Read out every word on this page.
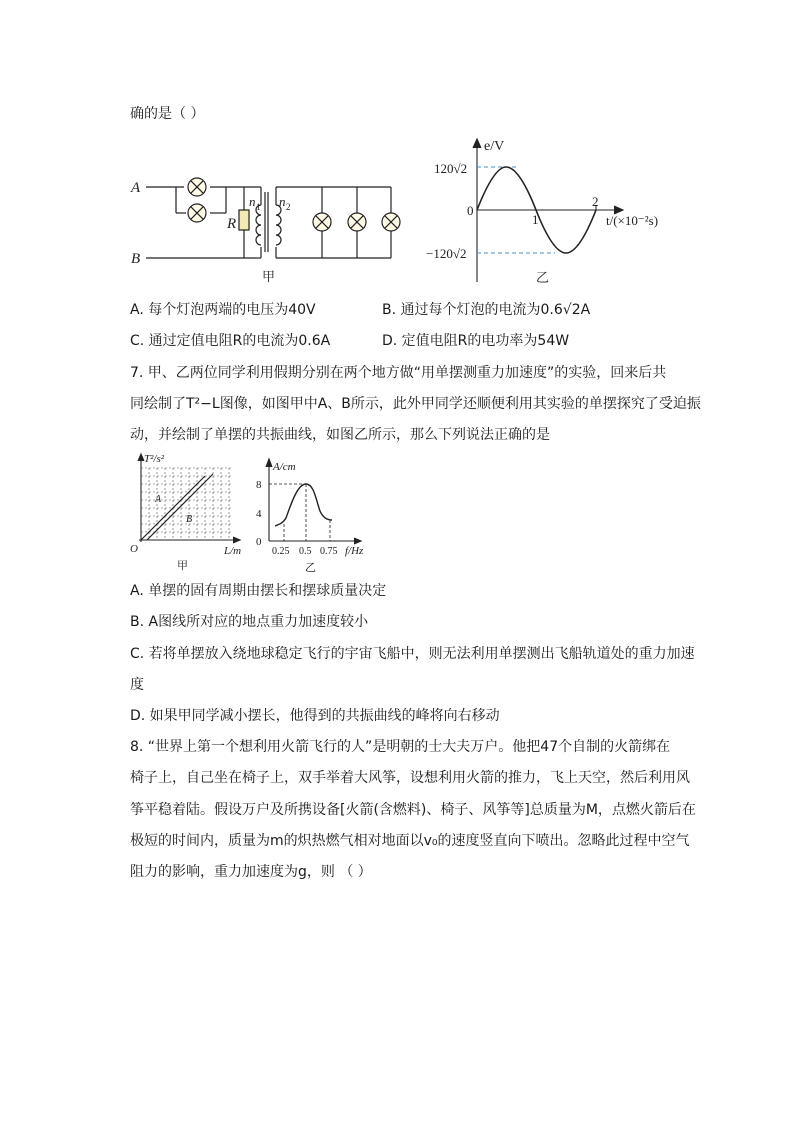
确的是（ ）
A
B
R
n 1 n 2
甲
e/V
120√2
0
1
2
t/(×10⁻²s)
−120√2
乙
A. 每个灯泡两端的电压为40V	B. 通过每个灯泡的电流为0.6√2A
C. 通过定值电阻R的电流为0.6A	D. 定值电阻R的电功率为54W
7. 甲、乙两位同学利用假期分别在两个地方做“用单摆测重力加速度”的实验，回来后共
同绘制了T²−L图像，如图甲中A、B所示，此外甲同学还顺便利用其实验的单摆探究了受迫振
动，并绘制了单摆的共振曲线，如图乙所示，那么下列说法正确的是
T²/s²
A
B
O	L/m
甲
A/cm
8
4
0
0.25 0.5 0.75 f/Hz
乙
A. 单摆的固有周期由摆长和摆球质量决定
B. A图线所对应的地点重力加速度较小
C. 若将单摆放入绕地球稳定飞行的宇宙飞船中，则无法利用单摆测出飞船轨道处的重力加速
度
D. 如果甲同学减小摆长，他得到的共振曲线的峰将向右移动
8. “世界上第一个想利用火箭飞行的人”是明朝的士大夫万户。他把47个自制的火箭绑在
椅子上，自己坐在椅子上，双手举着大风筝，设想利用火箭的推力，飞上天空，然后利用风
筝平稳着陆。假设万户及所携设备[火箭(含燃料)、椅子、风筝等]总质量为M，点燃火箭后在
极短的时间内，质量为m的炽热燃气相对地面以v₀的速度竖直向下喷出。忽略此过程中空气
阻力的影响，重力加速度为g，则 （ ）
